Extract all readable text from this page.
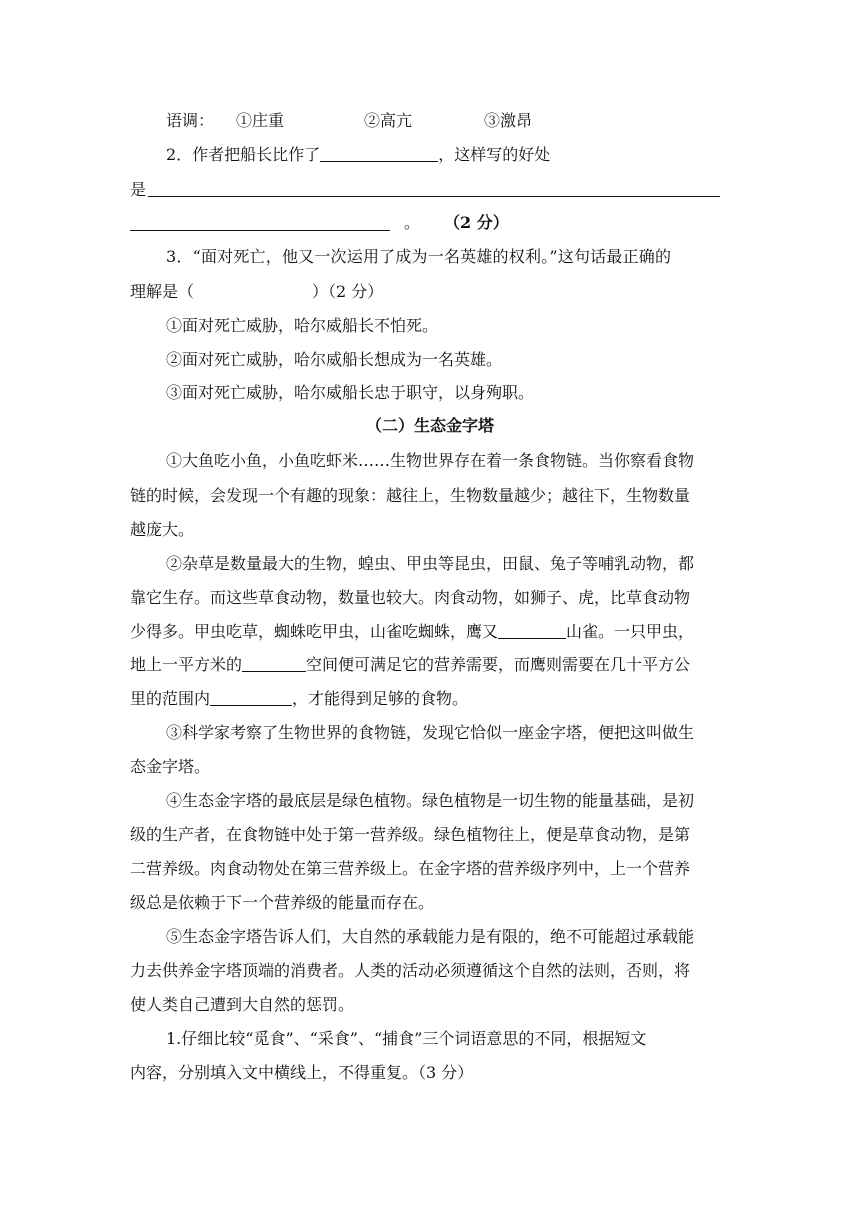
语调： ①庄重	②高亢	③激昂
2．作者把船长比作了	，这样写的好处
是
。 （2 分）
3．“面对死亡，他又一次运用了成为一名英雄的权利。”这句话最正确的
理解是（	）（2 分）
①面对死亡威胁，哈尔威船长不怕死。
②面对死亡威胁，哈尔威船长想成为一名英雄。
③面对死亡威胁，哈尔威船长忠于职守，以身殉职。
（二）生态金字塔
①大鱼吃小鱼，小鱼吃虾米……生物世界存在着一条食物链。当你察看食物
链的时候，会发现一个有趣的现象：越往上，生物数量越少；越往下，生物数量
越庞大。
②杂草是数量最大的生物，蝗虫、甲虫等昆虫，田鼠、兔子等哺乳动物，都
靠它生存。而这些草食动物，数量也较大。肉食动物，如狮子、虎，比草食动物
少得多。甲虫吃草，蜘蛛吃甲虫，山雀吃蜘蛛，鹰又	山雀。一只甲虫，
地上一平方米的	空间便可满足它的营养需要，而鹰则需要在几十平方公
里的范围内	，才能得到足够的食物。
③科学家考察了生物世界的食物链，发现它恰似一座金字塔，便把这叫做生
态金字塔。
④生态金字塔的最底层是绿色植物。绿色植物是一切生物的能量基础，是初
级的生产者，在食物链中处于第一营养级。绿色植物往上，便是草食动物，是第
二营养级。肉食动物处在第三营养级上。在金字塔的营养级序列中，上一个营养
级总是依赖于下一个营养级的能量而存在。
⑤生态金字塔告诉人们，大自然的承载能力是有限的，绝不可能超过承载能
力去供养金字塔顶端的消费者。人类的活动必须遵循这个自然的法则，否则，将
使人类自己遭到大自然的惩罚。
1.仔细比较“觅食”、“采食”、“捕食”三个词语意思的不同，根据短文
内容，分别填入文中横线上，不得重复。（3 分）
